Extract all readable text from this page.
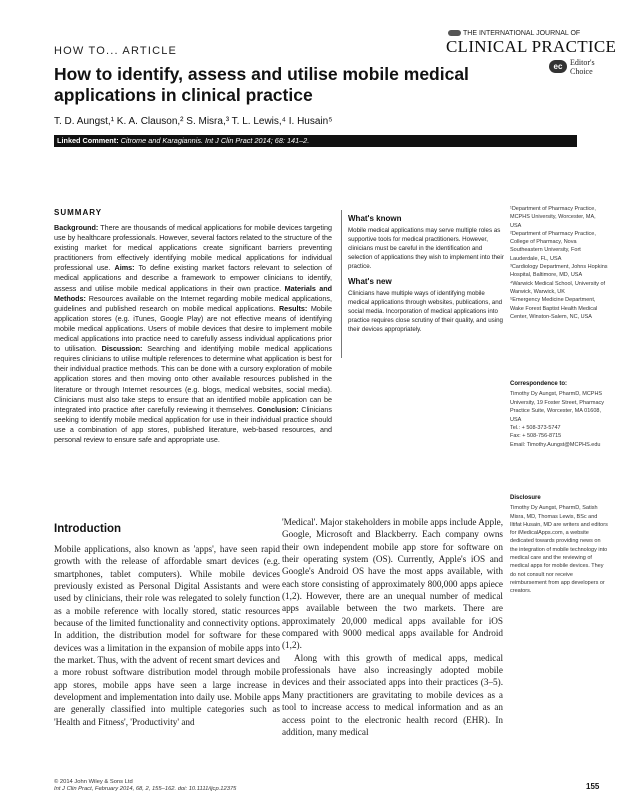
HOW TO... ARTICLE
THE INTERNATIONAL JOURNAL OF
CLINICAL PRACTICE
ec Editor's
Choice
How to identify, assess and utilise mobile medical applications in clinical practice
T. D. Aungst,¹ K. A. Clauson,² S. Misra,³ T. L. Lewis,⁴ I. Husain⁵
Linked Comment: Citrome and Karagiannis. Int J Clin Pract 2014; 68: 141–2.
SUMMARY
Background: There are thousands of medical applications for mobile devices targeting use by healthcare professionals. However, several factors related to the structure of the existing market for medical applications create significant barriers preventing practitioners from effectively identifying mobile medical applications for individual professional use. Aims: To define existing market factors relevant to selection of medical applications and describe a framework to empower clinicians to identify, assess and utilise mobile medical applications in their own practice. Materials and Methods: Resources available on the Internet regarding mobile medical applications, guidelines and published research on mobile medical applications. Results: Mobile application stores (e.g. iTunes, Google Play) are not effective means of identifying mobile medical applications. Users of mobile devices that desire to implement mobile medical applications into practice need to carefully assess individual applications prior to utilisation. Discussion: Searching and identifying mobile medical applications requires clinicians to utilise multiple references to determine what application is best for their individual practice methods. This can be done with a cursory exploration of mobile application stores and then moving onto other available resources published in the literature or through Internet resources (e.g. blogs, medical websites, social media). Clinicians must also take steps to ensure that an identified mobile application can be integrated into practice after carefully reviewing it themselves. Conclusion: Clinicians seeking to identify mobile medical application for use in their individual practice should use a combination of app stores, published literature, web-based resources, and personal review to ensure safe and appropriate use.
What's known

Mobile medical applications may serve multiple roles as supportive tools for medical practitioners. However, clinicians must be careful in the identification and selection of applications they wish to implement into their practice.

What's new

Clinicians have multiple ways of identifying mobile medical applications through websites, publications, and social media. Incorporation of medical applications into practice requires close scrutiny of their quality, and using their devices appropriately.

¹Department of Pharmacy Practice, MCPHS University, Worcester, MA, USA
²Department of Pharmacy Practice, College of Pharmacy, Nova Southeastern University, Fort Lauderdale, FL, USA
³Cardiology Department, Johns Hopkins Hospital, Baltimore, MD, USA
⁴Warwick Medical School, University of Warwick, Warwick, UK
⁵Emergency Medicine Department, Wake Forest Baptist Health Medical Center, Winston-Salem, NC, USA
Correspondence to:
Timothy Dy Aungst, PharmD, MCPHS University, 19 Foster Street, Pharmacy Practice Suite, Worcester, MA 01608, USA
Tel.: + 508-373-5747
Fax: + 508-756-8715
Email: Timothy.Aungst@MCPHS.edu
Disclosure
Timothy Dy Aungst, PharmD, Satish Misra, MD, Thomas Lewis, BSc and Iltifat Husain, MD are writers and editors for iMedicalApps.com, a website dedicated towards providing news on the integration of mobile technology into medical care and the reviewing of medical apps for mobile devices. They do not consult nor receive reimbursement from app developers or creators.
Introduction
Mobile applications, also known as 'apps', have seen rapid growth with the release of affordable smart devices (e.g. smartphones, tablet computers). While mobile devices previously existed as Personal Digital Assistants and were used by clinicians, their role was relegated to solely function as a mobile reference with locally stored, static resources because of the limited functionality and connectivity options. In addition, the distribution model for software for these devices was a limitation in the expansion of mobile apps into the market. Thus, with the advent of recent smart devices and a more robust software distribution model through mobile app stores, mobile apps have seen a large increase in development and implementation into daily use. Mobile apps are generally classified into multiple categories such as 'Health and Fitness', 'Productivity' and
'Medical'. Major stakeholders in mobile apps include Apple, Google, Microsoft and Blackberry. Each company owns their own independent mobile app store for software on their operating system (OS). Currently, Apple's iOS and Google's Android OS have the most apps available, with each store consisting of approximately 800,000 apps apiece (1,2). However, there are an unequal number of medical apps available between the two markets. There are approximately 20,000 medical apps available for iOS compared with 9000 medical apps available for Android (1,2).
Along with this growth of medical apps, medical professionals have also increasingly adopted mobile devices and their associated apps into their practices (3–5). Many practitioners are gravitating to mobile devices as a tool to increase access to medical information and as an access point to the electronic health record (EHR). In addition, many medical
© 2014 John Wiley & Sons Ltd
Int J Clin Pract, February 2014, 68, 2, 155–162. doi: 10.1111/ijcp.12375	155
